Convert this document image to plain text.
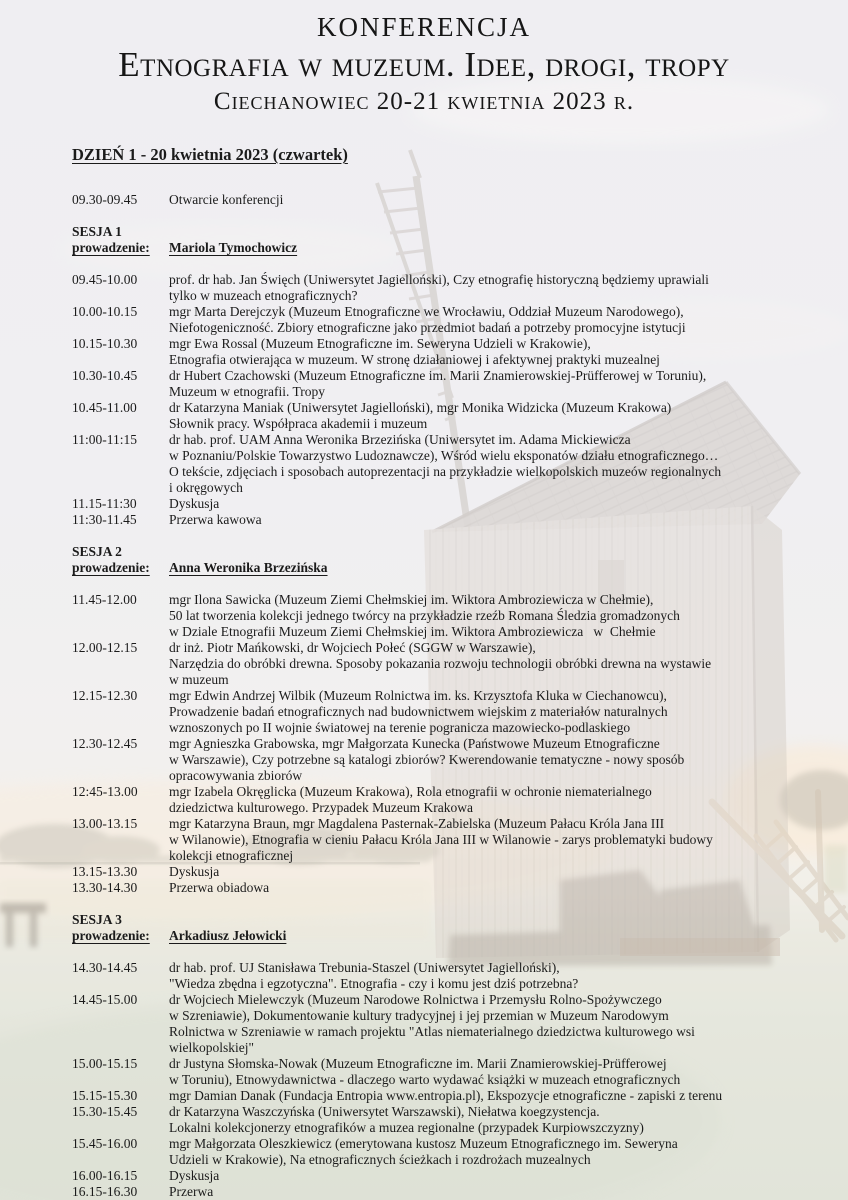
KONFERENCJA
Etnografia w muzeum. Idee, drogi, tropy
Ciechanowiec 20-21 kwietnia 2023 r.
DZIEŃ 1 - 20 kwietnia 2023 (czwartek)
09.30-09.45	Otwarcie konferencji
SESJA 1
prowadzenie: Mariola Tymochowicz
09.45-10.00	prof. dr hab. Jan Święch (Uniwersytet Jagielloński), Czy etnografię historyczną będziemy uprawiali
tylko w muzeach etnograficznych?
10.00-10.15	mgr Marta Derejczyk (Muzeum Etnograficzne we Wrocławiu, Oddział Muzeum Narodowego),
Niefotogeniczność. Zbiory etnograficzne jako przedmiot badań a potrzeby promocyjne istytucji
10.15-10.30	mgr Ewa Rossal (Muzeum Etnograficzne im. Seweryna Udzieli w Krakowie),
Etnografia otwierająca w muzeum. W stronę działaniowej i afektywnej praktyki muzealnej
10.30-10.45	dr Hubert Czachowski (Muzeum Etnograficzne im. Marii Znamierowskiej-Prüfferowej w Toruniu),
Muzeum w etnografii. Tropy
10.45-11.00	dr Katarzyna Maniak (Uniwersytet Jagielloński), mgr Monika Widzicka (Muzeum Krakowa)
Słownik pracy. Współpraca akademii i muzeum
11:00-11:15	dr hab. prof. UAM Anna Weronika Brzezińska (Uniwersytet im. Adama Mickiewicza
w Poznaniu/Polskie Towarzystwo Ludoznawcze), Wśród wielu eksponatów działu etnograficznego…
O tekście, zdjęciach i sposobach autoprezentacji na przykładzie wielkopolskich muzeów regionalnych
i okręgowych
11.15-11:30	Dyskusja
11:30-11.45	Przerwa kawowa
SESJA 2
prowadzenie: Anna Weronika Brzezińska
11.45-12.00	mgr Ilona Sawicka (Muzeum Ziemi Chełmskiej im. Wiktora Ambroziewicza w Chełmie),
50 lat tworzenia kolekcji jednego twórcy na przykładzie rzeźb Romana Śledzia gromadzonych
w Dziale Etnografii Muzeum Ziemi Chełmskiej im. Wiktora Ambroziewicza   w  Chełmie
12.00-12.15	dr inż. Piotr Mańkowski, dr Wojciech Połeć (SGGW w Warszawie),
Narzędzia do obróbki drewna. Sposoby pokazania rozwoju technologii obróbki drewna na wystawie
w muzeum
12.15-12.30	mgr Edwin Andrzej Wilbik (Muzeum Rolnictwa im. ks. Krzysztofa Kluka w Ciechanowcu),
Prowadzenie badań etnograficznych nad budownictwem wiejskim z materiałów naturalnych
wznoszonych po II wojnie światowej na terenie pogranicza mazowiecko-podlaskiego
12.30-12.45	mgr Agnieszka Grabowska, mgr Małgorzata Kunecka (Państwowe Muzeum Etnograficzne
w Warszawie), Czy potrzebne są katalogi zbiorów? Kwerendowanie tematyczne - nowy sposób
opracowywania zbiorów
12:45-13.00	mgr Izabela Okręglicka (Muzeum Krakowa), Rola etnografii w ochronie niematerialnego
dziedzictwa kulturowego. Przypadek Muzeum Krakowa
13.00-13.15	mgr Katarzyna Braun, mgr Magdalena Pasternak-Zabielska (Muzeum Pałacu Króla Jana III
w Wilanowie), Etnografia w cieniu Pałacu Króla Jana III w Wilanowie - zarys problematyki budowy
kolekcji etnograficznej
13.15-13.30	Dyskusja
13.30-14.30	Przerwa obiadowa
SESJA 3
prowadzenie: Arkadiusz Jełowicki
14.30-14.45	dr hab. prof. UJ Stanisława Trebunia-Staszel (Uniwersytet Jagielloński),
"Wiedza zbędna i egzotyczna". Etnografia - czy i komu jest dziś potrzebna?
14.45-15.00	dr Wojciech Mielewczyk (Muzeum Narodowe Rolnictwa i Przemysłu Rolno-Spożywczego
w Szreniawie), Dokumentowanie kultury tradycyjnej i jej przemian w Muzeum Narodowym
Rolnictwa w Szreniawie w ramach projektu "Atlas niematerialnego dziedzictwa kulturowego wsi
wielkopolskiej"
15.00-15.15	dr Justyna Słomska-Nowak (Muzeum Etnograficzne im. Marii Znamierowskiej-Prüfferowej
w Toruniu), Etnowydawnictwa - dlaczego warto wydawać książki w muzeach etnograficznych
15.15-15.30	mgr Damian Danak (Fundacja Entropia www.entropia.pl), Ekspozycje etnograficzne - zapiski z terenu
15.30-15.45	dr Katarzyna Waszczyńska (Uniwersytet Warszawski), Niełatwa koegzystencja.
Lokalni kolekcjonerzy etnografików a muzea regionalne (przypadek Kurpiowszczyzny)
15.45-16.00	mgr Małgorzata Oleszkiewicz (emerytowana kustosz Muzeum Etnograficznego im. Seweryna
Udzieli w Krakowie), Na etnograficznych ścieżkach i rozdrożach muzealnych
16.00-16.15	Dyskusja
16.15-16.30	Przerwa
